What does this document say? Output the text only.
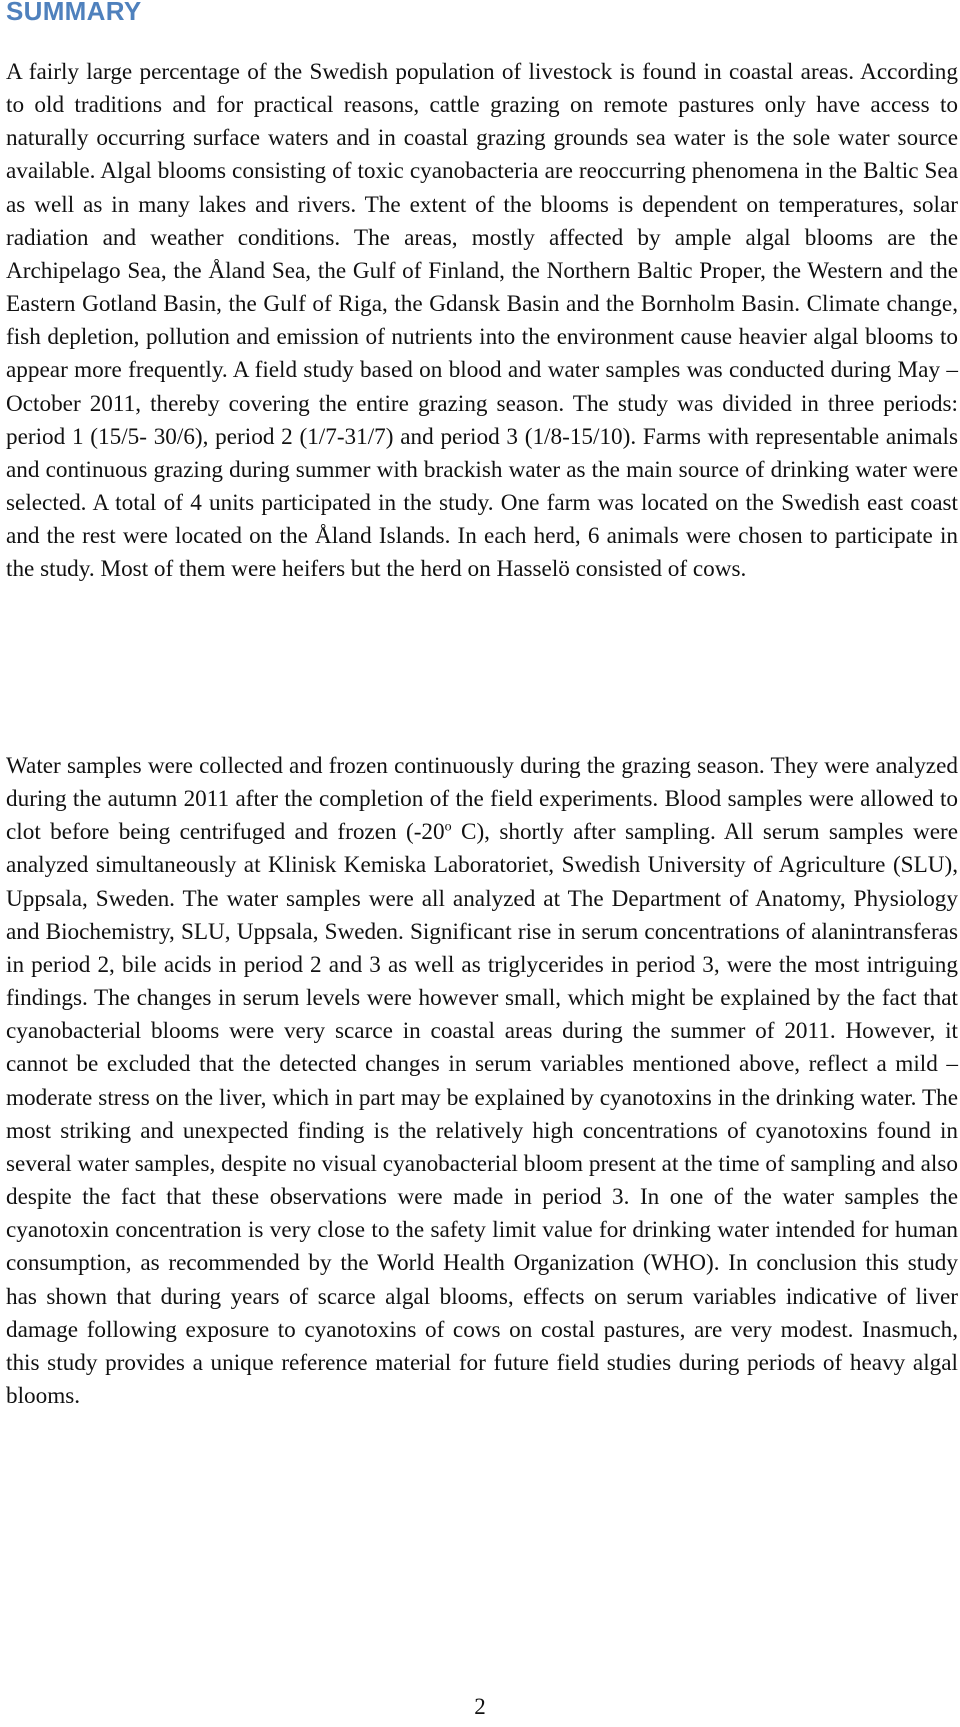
SUMMARY

A fairly large percentage of the Swedish population of livestock is found in coastal areas. According to old traditions and for practical reasons, cattle grazing on remote pastures only have access to naturally occurring surface waters and in coastal grazing grounds sea water is the sole water source available. Algal blooms consisting of toxic cyanobacteria are reoccurring phenomena in the Baltic Sea as well as in many lakes and rivers. The extent of the blooms is dependent on temperatures, solar radiation and weather conditions. The areas, mostly affected by ample algal blooms are the Archipelago Sea, the Åland Sea, the Gulf of Finland, the Northern Baltic Proper, the Western and the Eastern Gotland Basin, the Gulf of Riga, the Gdansk Basin and the Bornholm Basin. Climate change, fish depletion, pollution and emission of nutrients into the environment cause heavier algal blooms to appear more frequently. A field study based on blood and water samples was conducted during May – October 2011, thereby covering the entire grazing season. The study was divided in three periods: period 1 (15/5- 30/6), period 2 (1/7-31/7) and period 3 (1/8-15/10). Farms with representable animals and continuous grazing during summer with brackish water as the main source of drinking water were selected. A total of 4 units participated in the study. One farm was located on the Swedish east coast and the rest were located on the Åland Islands. In each herd, 6 animals were chosen to participate in the study. Most of them were heifers but the herd on Hasselö consisted of cows.

Water samples were collected and frozen continuously during the grazing season. They were analyzed during the autumn 2011 after the completion of the field experiments. Blood samples were allowed to clot before being centrifuged and frozen (-20$^o$ C), shortly after sampling. All serum samples were analyzed simultaneously at Klinisk Kemiska Laboratoriet, Swedish University of Agriculture (SLU), Uppsala, Sweden. The water samples were all analyzed at The Department of Anatomy, Physiology and Biochemistry, SLU, Uppsala, Sweden. Significant rise in serum concentrations of alanintransferas in period 2, bile acids in period 2 and 3 as well as triglycerides in period 3, were the most intriguing findings. The changes in serum levels were however small, which might be explained by the fact that cyanobacterial blooms were very scarce in coastal areas during the summer of 2011. However, it cannot be excluded that the detected changes in serum variables mentioned above, reflect a mild – moderate stress on the liver, which in part may be explained by cyanotoxins in the drinking water. The most striking and unexpected finding is the relatively high concentrations of cyanotoxins found in several water samples, despite no visual cyanobacterial bloom present at the time of sampling and also despite the fact that these observations were made in period 3. In one of the water samples the cyanotoxin concentration is very close to the safety limit value for drinking water intended for human consumption, as recommended by the World Health Organization (WHO). In conclusion this study has shown that during years of scarce algal blooms, effects on serum variables indicative of liver damage following exposure to cyanotoxins of cows on costal pastures, are very modest. Inasmuch, this study provides a unique reference material for future field studies during periods of heavy algal blooms.

2
